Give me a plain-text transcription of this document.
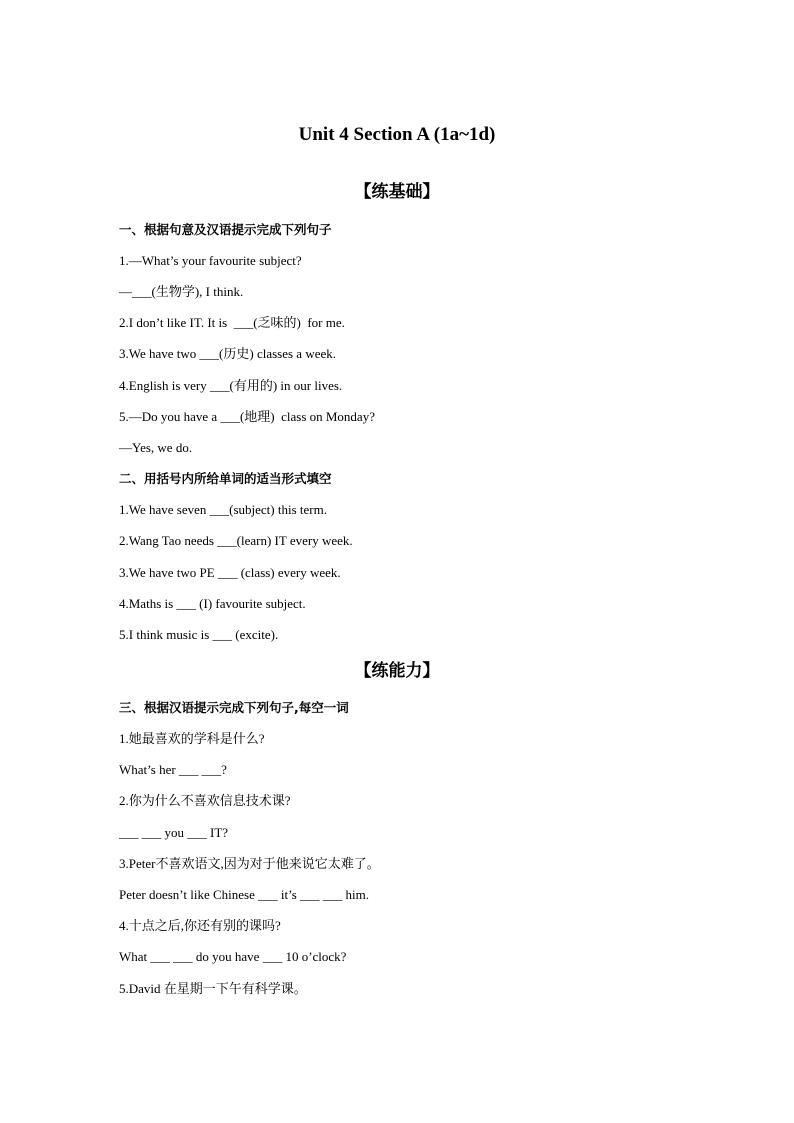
Unit 4 Section A (1a~1d)
【练基础】
一、根据句意及汉语提示完成下列句子
1.—What’s your favourite subject?
—___(生物学), I think.
2.I don’t like IT. It is  ___(乏味的)  for me.
3.We have two ___(历史) classes a week.
4.English is very ___(有用的) in our lives.
5.—Do you have a ___(地理)  class on Monday?
—Yes, we do.
二、用括号内所给单词的适当形式填空
1.We have seven ___(subject) this term.
2.Wang Tao needs ___(learn) IT every week.
3.We have two PE ___ (class) every week.
4.Maths is ___ (I) favourite subject.
5.I think music is ___ (excite).
【练能力】
三、根据汉语提示完成下列句子,每空一词
1.她最喜欢的学科是什么?
What’s her ___ ___?
2.你为什么不喜欢信息技术课?
___ ___ you ___ IT?
3.Peter不喜欢语文,因为对于他来说它太难了。
Peter doesn’t like Chinese ___ it’s ___ ___ him.
4.十点之后,你还有别的课吗?
What ___ ___ do you have ___ 10 o’clock?
5.David 在星期一下午有科学课。
